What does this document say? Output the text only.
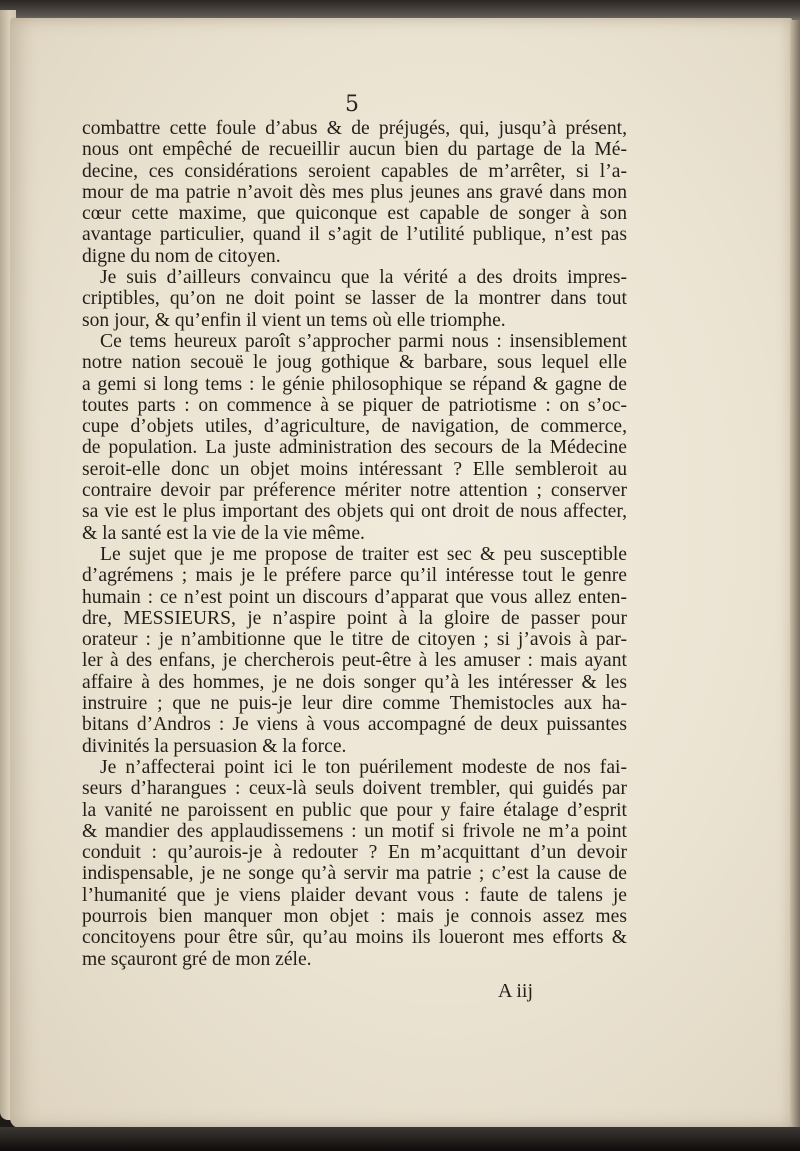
5
combattre cette foule d’abus & de préjugés, qui, jusqu’à présent,
nous ont empêché de recueillir aucun bien du partage de la Mé-
decine, ces considérations seroient capables de m’arrêter, si l’a-
mour de ma patrie n’avoit dès mes plus jeunes ans gravé dans mon
cœur cette maxime, que quiconque est capable de songer à son
avantage particulier, quand il s’agit de l’utilité publique, n’est pas
digne du nom de citoyen.
Je suis d’ailleurs convaincu que la vérité a des droits impres-
criptibles, qu’on ne doit point se lasser de la montrer dans tout
son jour, & qu’enfin il vient un tems où elle triomphe.
Ce tems heureux paroît s’approcher parmi nous : insensiblement
notre nation secouë le joug gothique & barbare, sous lequel elle
a gemi si long tems : le génie philosophique se répand & gagne de
toutes parts : on commence à se piquer de patriotisme : on s’oc-
cupe d’objets utiles, d’agriculture, de navigation, de commerce,
de population. La juste administration des secours de la Médecine
seroit-elle donc un objet moins intéressant ? Elle sembleroit au
contraire devoir par préference mériter notre attention ; conserver
sa vie est le plus important des objets qui ont droit de nous affecter,
& la santé est la vie de la vie même.
Le sujet que je me propose de traiter est sec & peu susceptible
d’agrémens ; mais je le préfere parce qu’il intéresse tout le genre
humain : ce n’est point un discours d’apparat que vous allez enten-
dre, MESSIEURS, je n’aspire point à la gloire de passer pour
orateur : je n’ambitionne que le titre de citoyen ; si j’avois à par-
ler à des enfans, je chercherois peut-être à les amuser : mais ayant
affaire à des hommes, je ne dois songer qu’à les intéresser & les
instruire ; que ne puis-je leur dire comme Themistocles aux ha-
bitans d’Andros : Je viens à vous accompagné de deux puissantes
divinités la persuasion & la force.
Je n’affecterai point ici le ton puérilement modeste de nos fai-
seurs d’harangues : ceux-là seuls doivent trembler, qui guidés par
la vanité ne paroissent en public que pour y faire étalage d’esprit
& mandier des applaudissemens : un motif si frivole ne m’a point
conduit : qu’aurois-je à redouter ? En m’acquittant d’un devoir
indispensable, je ne songe qu’à servir ma patrie ; c’est la cause de
l’humanité que je viens plaider devant vous : faute de talens je
pourrois bien manquer mon objet : mais je connois assez mes
concitoyens pour être sûr, qu’au moins ils loueront mes efforts &
me sçauront gré de mon zéle.
A iij
